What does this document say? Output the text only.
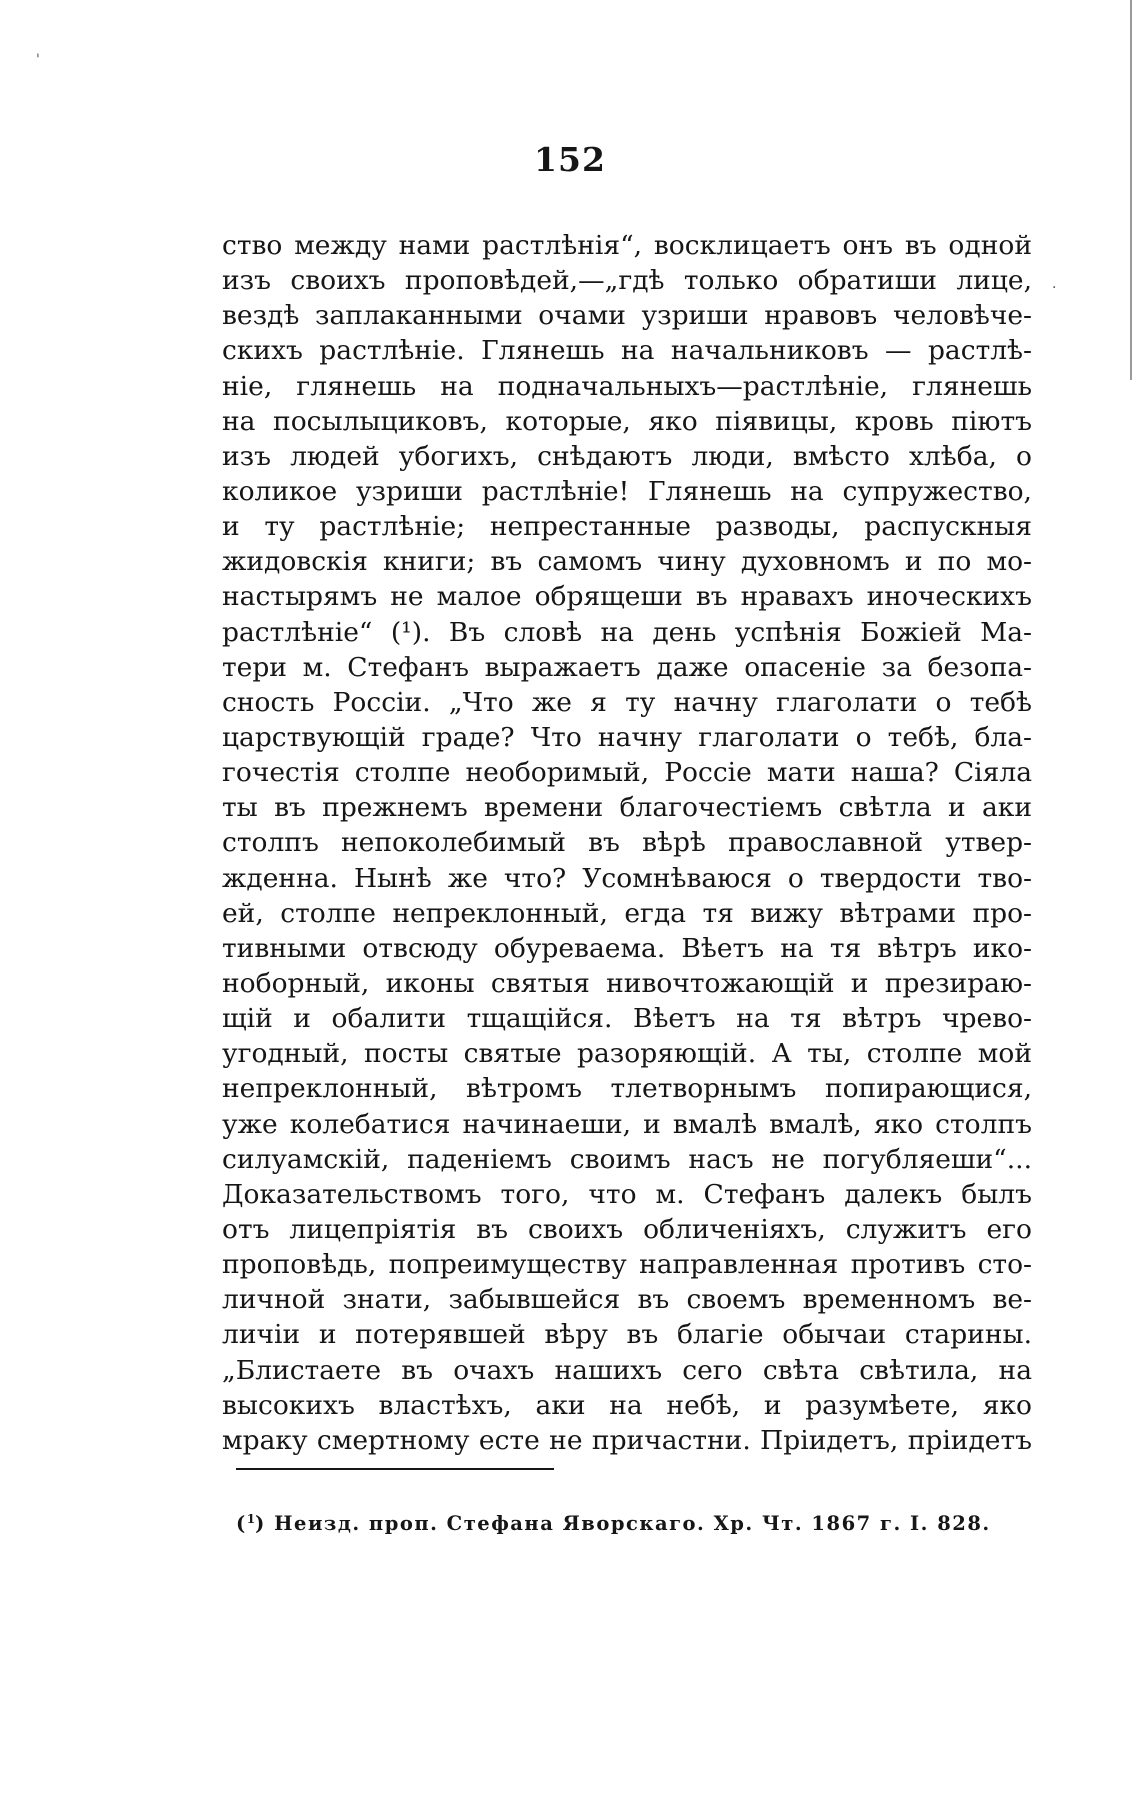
'
·
152
ство между нами растлѣнія“, восклицаетъ онъ въ одной
изъ своихъ проповѣдей,—„гдѣ только обратиши лице,
вездѣ заплаканными очами узриши нравовъ человѣче-
скихъ растлѣніе. Глянешь на начальниковъ — растлѣ-
ніе, глянешь на подначальныхъ—растлѣніе, глянешь
на посылыциковъ, которые, яко піявицы, кровь піютъ
изъ людей убогихъ, снѣдаютъ люди, вмѣсто хлѣба, о
коликое узриши растлѣніе! Глянешь на супружество,
и ту растлѣніе; непрестанные разводы, распускныя
жидовскія книги; въ самомъ чину духовномъ и по мо-
настырямъ не малое обрящеши въ нравахъ иноческихъ
растлѣніе“ (¹). Въ словѣ на день успѣнія Божіей Ма-
тери м. Стефанъ выражаетъ даже опасеніе за безопа-
сность Россіи. „Что же я ту начну глаголати о тебѣ
царствующій граде? Что начну глаголати о тебѣ, бла-
гочестія столпе необоримый, Россіе мати наша? Сіяла
ты въ прежнемъ времени благочестіемъ свѣтла и аки
столпъ непоколебимый въ вѣрѣ православной утвер-
жденна. Нынѣ же что? Усомнѣваюся о твердости тво-
ей, столпе непреклонный, егда тя вижу вѣтрами про-
тивными отвсюду обуреваема. Вѣетъ на тя вѣтръ ико-
ноборный, иконы святыя нивочтожающій и презираю-
щій и обалити тщащійся. Вѣетъ на тя вѣтръ чрево-
угодный, посты святые разоряющій. А ты, столпе мой
непреклонный, вѣтромъ тлетворнымъ попирающися,
уже колебатися начинаеши, и вмалѣ вмалѣ, яко столпъ
силуамскій, паденіемъ своимъ насъ не погубляеши“...
Доказательствомъ того, что м. Стефанъ далекъ былъ
отъ лицепріятія въ своихъ обличеніяхъ, служитъ его
проповѣдь, попреимуществу направленная противъ сто-
личной знати, забывшейся въ своемъ временномъ ве-
личіи и потерявшей вѣру въ благіе обычаи старины.
„Блистаете въ очахъ нашихъ сего свѣта свѣтила, на
высокихъ властѣхъ, аки на небѣ, и разумѣете, яко
мраку смертному есте не причастни. Пріидетъ, пріидетъ
($^1$) Неизд. проп. Стефана Яворскаго. Хр. Чт. 1867 г. I. 828.
